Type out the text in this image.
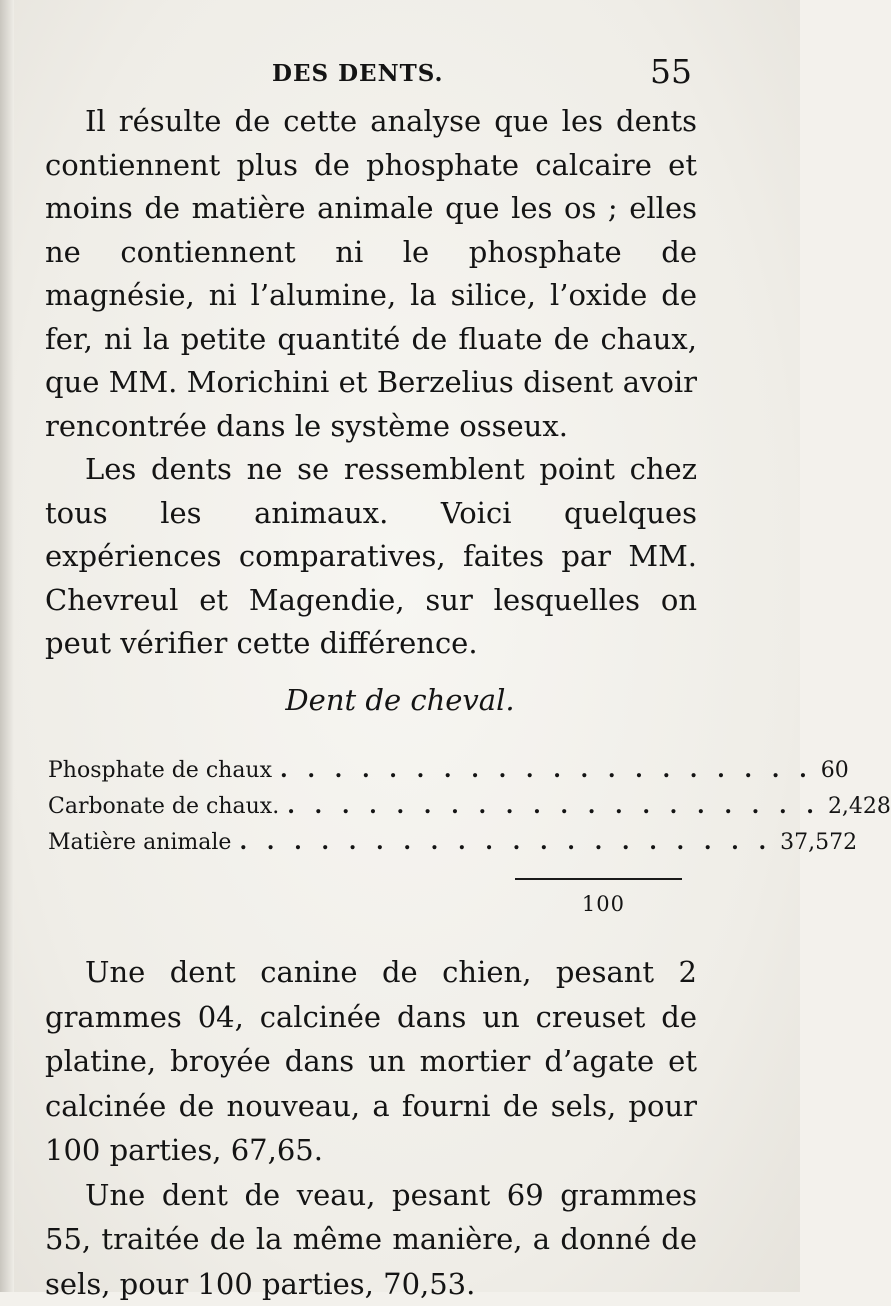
DES DENTS.	55

Il résulte de cette analyse que les dents contiennent plus de phosphate calcaire et moins de matière animale que les os ; elles ne contiennent ni le phosphate de magnésie, ni l’alumine, la silice, l’oxide de fer, ni la petite quantité de fluate de chaux, que MM. Morichini et Berzelius disent avoir rencontrée dans le système osseux.

Les dents ne se ressemblent point chez tous les animaux. Voici quelques expériences comparatives, faites par MM. Chevreul et Magendie, sur lesquelles on peut vérifier cette différence.

Dent de cheval.
Phosphate de chaux . . . . . . . . . . . . . . . . . . . . 60
Carbonate de chaux. . . . . . . . . . . . . . . . . . . . . 2,428
Matière animale . . . . . . . . . . . . . . . . . . . . 37,572
100

Une dent canine de chien, pesant 2 grammes 04, calcinée dans un creuset de platine, broyée dans un mortier d’agate et calcinée de nouveau, a fourni de sels, pour 100 parties, 67,65.

Une dent de veau, pesant 69 grammes 55, traitée de la même manière, a donné de sels, pour 100 parties, 70,53.
